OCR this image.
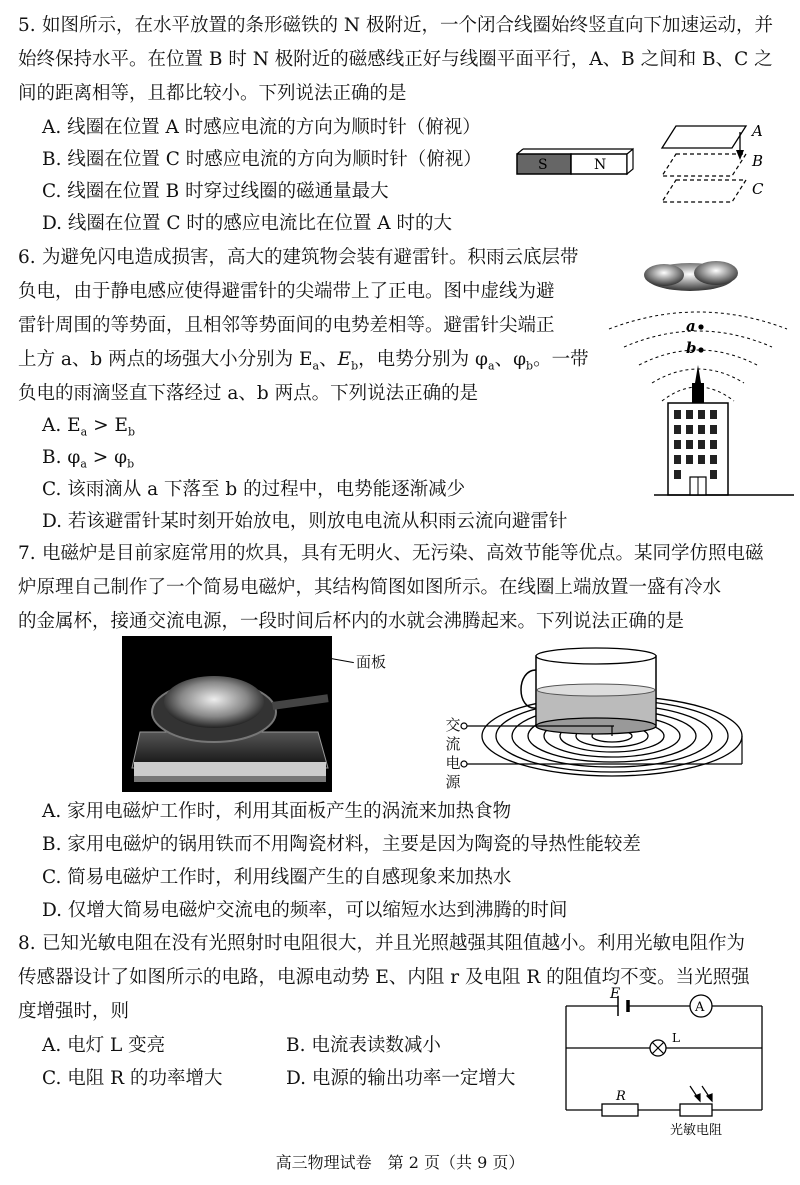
5. 如图所示，在水平放置的条形磁铁的 N 极附近，一个闭合线圈始终竖直向下加速运动，并
始终保持水平。在位置 B 时 N 极附近的磁感线正好与线圈平面平行，A、B 之间和 B、C 之
间的距离相等，且都比较小。下列说法正确的是
A. 线圈在位置 A 时感应电流的方向为顺时针（俯视）
B. 线圈在位置 C 时感应电流的方向为顺时针（俯视）
C. 线圈在位置 B 时穿过线圈的磁通量最大
D. 线圈在位置 C 时的感应电流比在位置 A 时的大
S	N
A
B
C
6. 为避免闪电造成损害，高大的建筑物会装有避雷针。积雨云底层带
负电，由于静电感应使得避雷针的尖端带上了正电。图中虚线为避
雷针周围的等势面，且相邻等势面间的电势差相等。避雷针尖端正
上方 a、b 两点的场强大小分别为 $E_a$、$E_b$，电势分别为 $\varphi_a$、$\varphi_b$。一带
负电的雨滴竖直下落经过 a、b 两点。下列说法正确的是
A. $E_a > E_b$
B. $\varphi_a > \varphi_b$
C. 该雨滴从 a 下落至 b 的过程中，电势能逐渐减少
D. 若该避雷针某时刻开始放电，则放电电流从积雨云流向避雷针
a
b
7. 电磁炉是目前家庭常用的炊具，具有无明火、无污染、高效节能等优点。某同学仿照电磁
炉原理自己制作了一个简易电磁炉，其结构简图如图所示。在线圈上端放置一盛有冷水
的金属杯，接通交流电源，一段时间后杯内的水就会沸腾起来。下列说法正确的是
面板
交
流
电
源
A. 家用电磁炉工作时，利用其面板产生的涡流来加热食物
B. 家用电磁炉的锅用铁而不用陶瓷材料，主要是因为陶瓷的导热性能较差
C. 简易电磁炉工作时，利用线圈产生的自感现象来加热水
D. 仅增大简易电磁炉交流电的频率，可以缩短水达到沸腾的时间
8. 已知光敏电阻在没有光照射时电阻很大，并且光照越强其阻值越小。利用光敏电阻作为
传感器设计了如图所示的电路，电源电动势 E、内阻 r 及电阻 R 的阻值均不变。当光照强
度增强时，则
A. 电灯 L 变亮	B. 电流表读数减小
C. 电阻 R 的功率增大	D. 电源的输出功率一定增大
E
A
L
R
光敏电阻
高三物理试卷　第 2 页（共 9 页）
